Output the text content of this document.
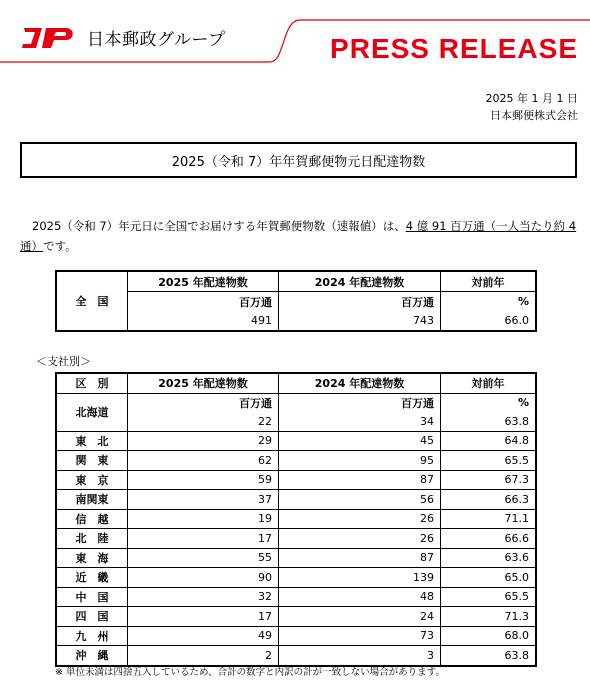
日本郵政グループ	PRESS RELEASE
2025 年 1 月 1 日
日本郵便株式会社
2025（令和 7）年年賀郵便物元日配達物数
2025（令和 7）年元日に全国でお届けする年賀郵便物数（速報値）は、4 億 91 百万通（一人当たり約 4 通）です。
全　国	2025 年配達物数	2024 年配達物数	対前年
	百万通	百万通	%
	491	743	66.0
＜支社別＞
区　別	2025 年配達物数	2024 年配達物数	対前年
北海道	百万通	百万通	%
	22	34	63.8
東　北	29	45	64.8
関　東	62	95	65.5
東　京	59	87	67.3
南関東	37	56	66.3
信　越	19	26	71.1
北　陸	17	26	66.6
東　海	55	87	63.6
近　畿	90	139	65.0
中　国	32	48	65.5
四　国	17	24	71.3
九　州	49	73	68.0
沖　縄	2	3	63.8
※ 単位未満は四捨五入しているため、合計の数字と内訳の計が一致しない場合があります。
